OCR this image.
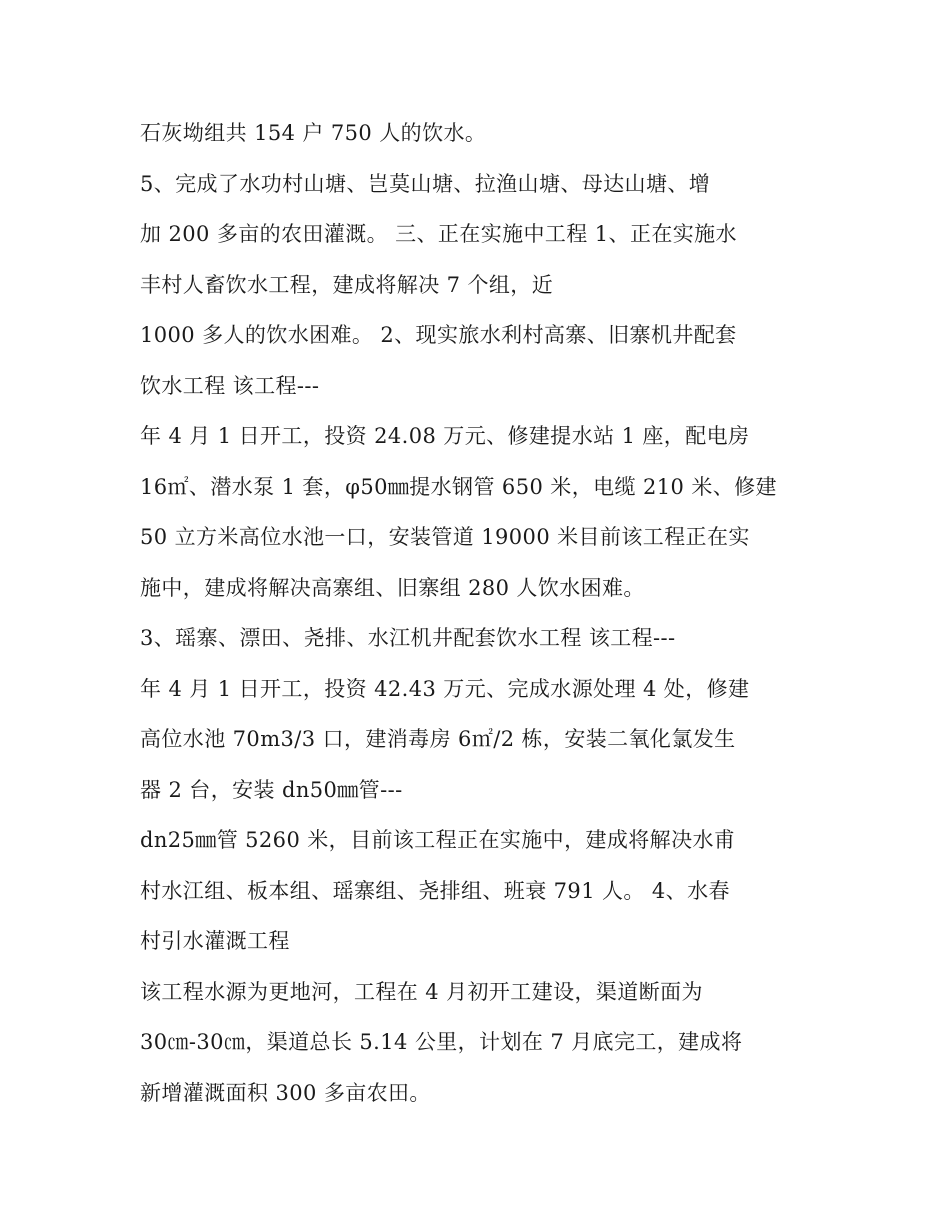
石灰坳组共 154 户 750 人的饮水。
5、完成了水功村山塘、岂莫山塘、拉渔山塘、母达山塘、增
加 200 多亩的农田灌溉。 三、正在实施中工程 1、正在实施水
丰村人畜饮水工程，建成将解决 7 个组，近
1000 多人的饮水困难。 2、现实旅水利村高寨、旧寨机井配套
饮水工程 该工程---
年 4 月 1 日开工，投资 24.08 万元、修建提水站 1 座，配电房
16㎡、潜水泵 1 套，φ50㎜提水钢管 650 米，电缆 210 米、修建
50 立方米高位水池一口，安装管道 19000 米目前该工程正在实
施中，建成将解决高寨组、旧寨组 280 人饮水困难。
3、瑶寨、漂田、尧排、水江机井配套饮水工程 该工程---
年 4 月 1 日开工，投资 42.43 万元、完成水源处理 4 处，修建
高位水池 70m3/3 口，建消毒房 6㎡/2 栋，安装二氧化氯发生
器 2 台，安装 dn50㎜管---
dn25㎜管 5260 米，目前该工程正在实施中，建成将解决水甫
村水江组、板本组、瑶寨组、尧排组、班衰 791 人。 4、水春
村引水灌溉工程
该工程水源为更地河，工程在 4 月初开工建设，渠道断面为
30㎝-30㎝，渠道总长 5.14 公里，计划在 7 月底完工，建成将
新增灌溉面积 300 多亩农田。
